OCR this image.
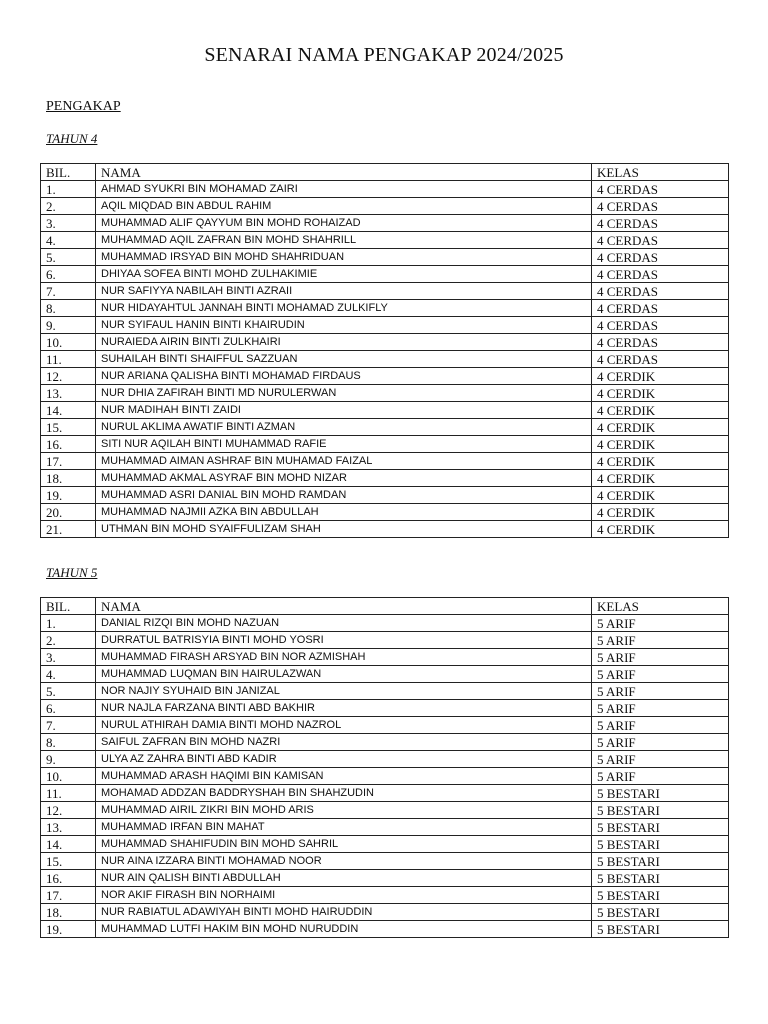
SENARAI NAMA PENGAKAP 2024/2025
PENGAKAP
TAHUN 4
BIL.	NAMA	KELAS
1.	AHMAD SYUKRI BIN MOHAMAD ZAIRI	4 CERDAS
2.	AQIL MIQDAD BIN ABDUL RAHIM	4 CERDAS
3.	MUHAMMAD ALIF QAYYUM BIN MOHD ROHAIZAD	4 CERDAS
4.	MUHAMMAD AQIL ZAFRAN BIN MOHD SHAHRILL	4 CERDAS
5.	MUHAMMAD IRSYAD BIN MOHD SHAHRIDUAN	4 CERDAS
6.	DHIYAA SOFEA BINTI MOHD ZULHAKIMIE	4 CERDAS
7.	NUR SAFIYYA NABILAH BINTI AZRAII	4 CERDAS
8.	NUR HIDAYAHTUL JANNAH BINTI MOHAMAD ZULKIFLY	4 CERDAS
9.	NUR SYIFAUL HANIN BINTI KHAIRUDIN	4 CERDAS
10.	NURAIEDA AIRIN BINTI ZULKHAIRI	4 CERDAS
11.	SUHAILAH BINTI SHAIFFUL SAZZUAN	4 CERDAS
12.	NUR ARIANA QALISHA BINTI MOHAMAD FIRDAUS	4 CERDIK
13.	NUR DHIA ZAFIRAH BINTI MD NURULERWAN	4 CERDIK
14.	NUR MADIHAH BINTI ZAIDI	4 CERDIK
15.	NURUL AKLIMA AWATIF BINTI AZMAN	4 CERDIK
16.	SITI NUR AQILAH BINTI MUHAMMAD RAFIE	4 CERDIK
17.	MUHAMMAD AIMAN ASHRAF BIN MUHAMAD FAIZAL	4 CERDIK
18.	MUHAMMAD AKMAL ASYRAF BIN MOHD NIZAR	4 CERDIK
19.	MUHAMMAD ASRI DANIAL BIN MOHD RAMDAN	4 CERDIK
20.	MUHAMMAD NAJMII AZKA BIN ABDULLAH	4 CERDIK
21.	UTHMAN BIN MOHD SYAIFFULIZAM SHAH	4 CERDIK
TAHUN 5
BIL.	NAMA	KELAS
1.	DANIAL RIZQI BIN MOHD NAZUAN	5 ARIF
2.	DURRATUL BATRISYIA BINTI MOHD YOSRI	5 ARIF
3.	MUHAMMAD FIRASH ARSYAD BIN NOR AZMISHAH	5 ARIF
4.	MUHAMMAD LUQMAN BIN HAIRULAZWAN	5 ARIF
5.	NOR NAJIY SYUHAID BIN JANIZAL	5 ARIF
6.	NUR NAJLA FARZANA BINTI ABD BAKHIR	5 ARIF
7.	NURUL ATHIRAH DAMIA BINTI MOHD NAZROL	5 ARIF
8.	SAIFUL ZAFRAN BIN MOHD NAZRI	5 ARIF
9.	ULYA AZ ZAHRA BINTI ABD KADIR	5 ARIF
10.	MUHAMMAD ARASH HAQIMI BIN KAMISAN	5 ARIF
11.	MOHAMAD ADDZAN BADDRYSHAH BIN SHAHZUDIN	5 BESTARI
12.	MUHAMMAD AIRIL ZIKRI BIN MOHD ARIS	5 BESTARI
13.	MUHAMMAD IRFAN BIN MAHAT	5 BESTARI
14.	MUHAMMAD SHAHIFUDIN BIN MOHD SAHRIL	5 BESTARI
15.	NUR AINA IZZARA BINTI MOHAMAD NOOR	5 BESTARI
16.	NUR AIN QALISH BINTI ABDULLAH	5 BESTARI
17.	NOR AKIF FIRASH BIN NORHAIMI	5 BESTARI
18.	NUR RABIATUL ADAWIYAH BINTI MOHD HAIRUDDIN	5 BESTARI
19.	MUHAMMAD LUTFI HAKIM BIN MOHD NURUDDIN	5 BESTARI
